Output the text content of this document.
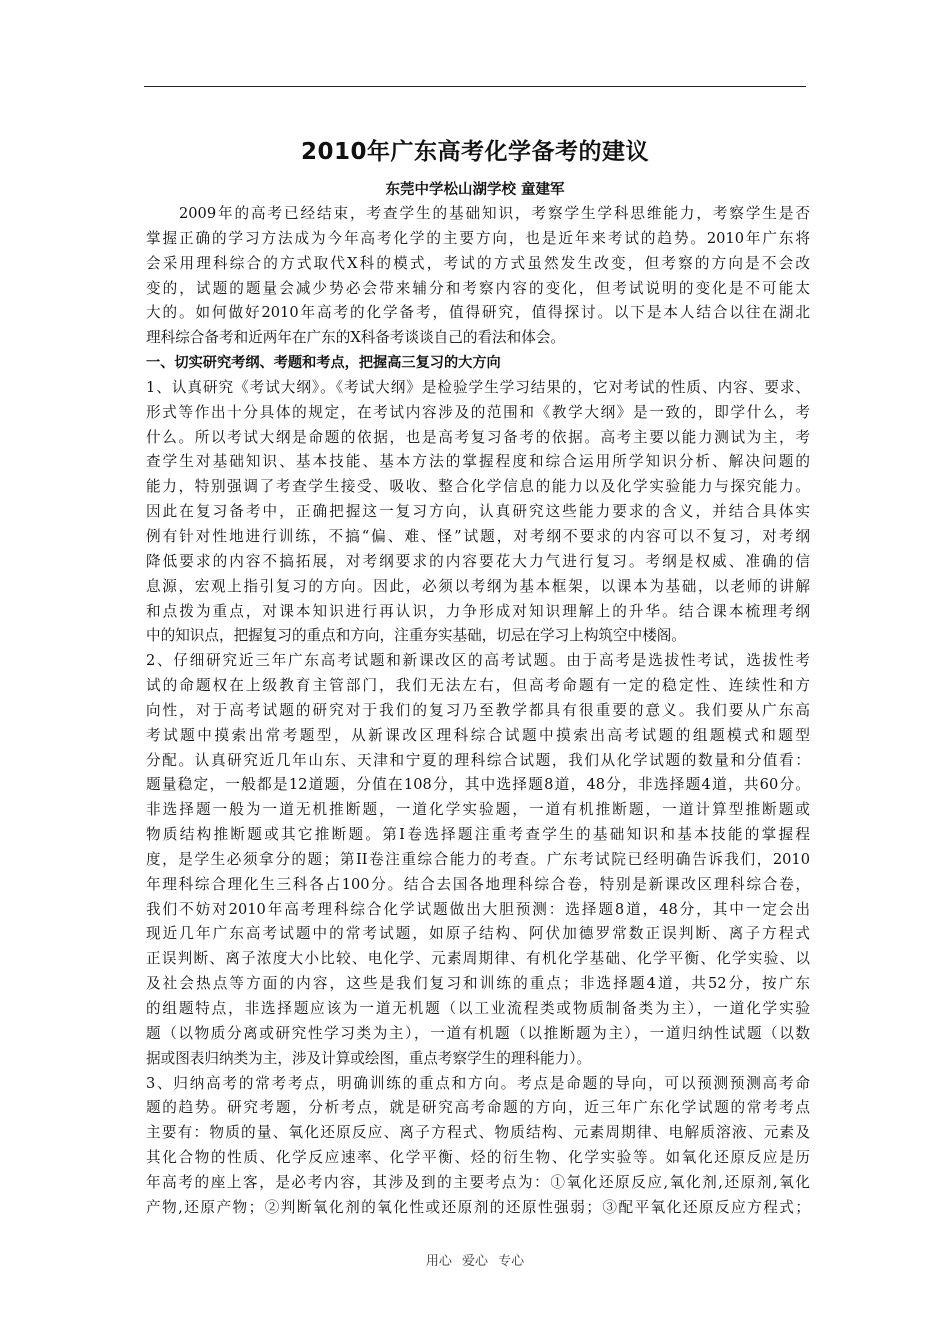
2010年广东高考化学备考的建议
东莞中学松山湖学校 童建军
　　2009年的高考已经结束，考查学生的基础知识，考察学生学科思维能力，考察学生是否
掌握正确的学习方法成为今年高考化学的主要方向，也是近年来考试的趋势。2010年广东将
会采用理科综合的方式取代X科的模式，考试的方式虽然发生改变，但考察的方向是不会改
变的，试题的题量会减少势必会带来辅分和考察内容的变化，但考试说明的变化是不可能太
大的。如何做好2010年高考的化学备考，值得研究，值得探讨。以下是本人结合以往在湖北
理科综合备考和近两年在广东的X科备考谈谈自己的看法和体会。
一、切实研究考纲、考题和考点，把握高三复习的大方向
1、认真研究《考试大纲》。《考试大纲》是检验学生学习结果的，它对考试的性质、内容、要求、
形式等作出十分具体的规定，在考试内容涉及的范围和《教学大纲》是一致的，即学什么，考
什么。所以考试大纲是命题的依据，也是高考复习备考的依据。高考主要以能力测试为主，考
查学生对基础知识、基本技能、基本方法的掌握程度和综合运用所学知识分析、解决问题的
能力，特别强调了考查学生接受、吸收、整合化学信息的能力以及化学实验能力与探究能力。
因此在复习备考中，正确把握这一复习方向，认真研究这些能力要求的含义，并结合具体实
例有针对性地进行训练，不搞“偏、难、怪”试题，对考纲不要求的内容可以不复习，对考纲
降低要求的内容不搞拓展，对考纲要求的内容要花大力气进行复习。考纲是权威、准确的信
息源，宏观上指引复习的方向。因此，必须以考纲为基本框架，以课本为基础，以老师的讲解
和点拨为重点，对课本知识进行再认识，力争形成对知识理解上的升华。结合课本梳理考纲
中的知识点，把握复习的重点和方向，注重夯实基础，切忌在学习上构筑空中楼阁。
2、仔细研究近三年广东高考试题和新课改区的高考试题。由于高考是选拔性考试，选拔性考
试的命题权在上级教育主管部门，我们无法左右，但高考命题有一定的稳定性、连续性和方
向性，对于高考试题的研究对于我们的复习乃至教学都具有很重要的意义。我们要从广东高
考试题中摸索出常考题型，从新课改区理科综合试题中摸索出高考试题的组题模式和题型
分配。认真研究近几年山东、天津和宁夏的理科综合试题，我们从化学试题的数量和分值看：
题量稳定，一般都是12道题，分值在108分，其中选择题8道，48分，非选择题4道，共60分。
非选择题一般为一道无机推断题，一道化学实验题，一道有机推断题，一道计算型推断题或
物质结构推断题或其它推断题。第I卷选择题注重考查学生的基础知识和基本技能的掌握程
度，是学生必须拿分的题；第II卷注重综合能力的考查。广东考试院已经明确告诉我们，2010
年理科综合理化生三科各占100分。结合去国各地理科综合卷，特别是新课改区理科综合卷，
我们不妨对2010年高考理科综合化学试题做出大胆预测：选择题8道，48分，其中一定会出
现近几年广东高考试题中的常考试题，如原子结构、阿伏加德罗常数正误判断、离子方程式
正误判断、离子浓度大小比较、电化学、元素周期律、有机化学基础、化学平衡、化学实验、以
及社会热点等方面的内容，这些是我们复习和训练的重点；非选择题4道，共52分，按广东
的组题特点，非选择题应该为一道无机题（以工业流程类或物质制备类为主），一道化学实验
题（以物质分离或研究性学习类为主），一道有机题（以推断题为主），一道归纳性试题（以数
据或图表归纳类为主，涉及计算或绘图，重点考察学生的理科能力）。
3、归纳高考的常考考点，明确训练的重点和方向。考点是命题的导向，可以预测预测高考命
题的趋势。研究考题，分析考点，就是研究高考命题的方向，近三年广东化学试题的常考考点
主要有：物质的量、氧化还原反应、离子方程式、物质结构、元素周期律、电解质溶液、元素及
其化合物的性质、化学反应速率、化学平衡、烃的衍生物、化学实验等。如氧化还原反应是历
年高考的座上客，是必考内容，其涉及到的主要考点为：①氧化还原反应,氧化剂,还原剂,氧化
产物,还原产物；②判断氧化剂的氧化性或还原剂的还原性强弱；③配平氧化还原反应方程式；
用心 爱心 专心
